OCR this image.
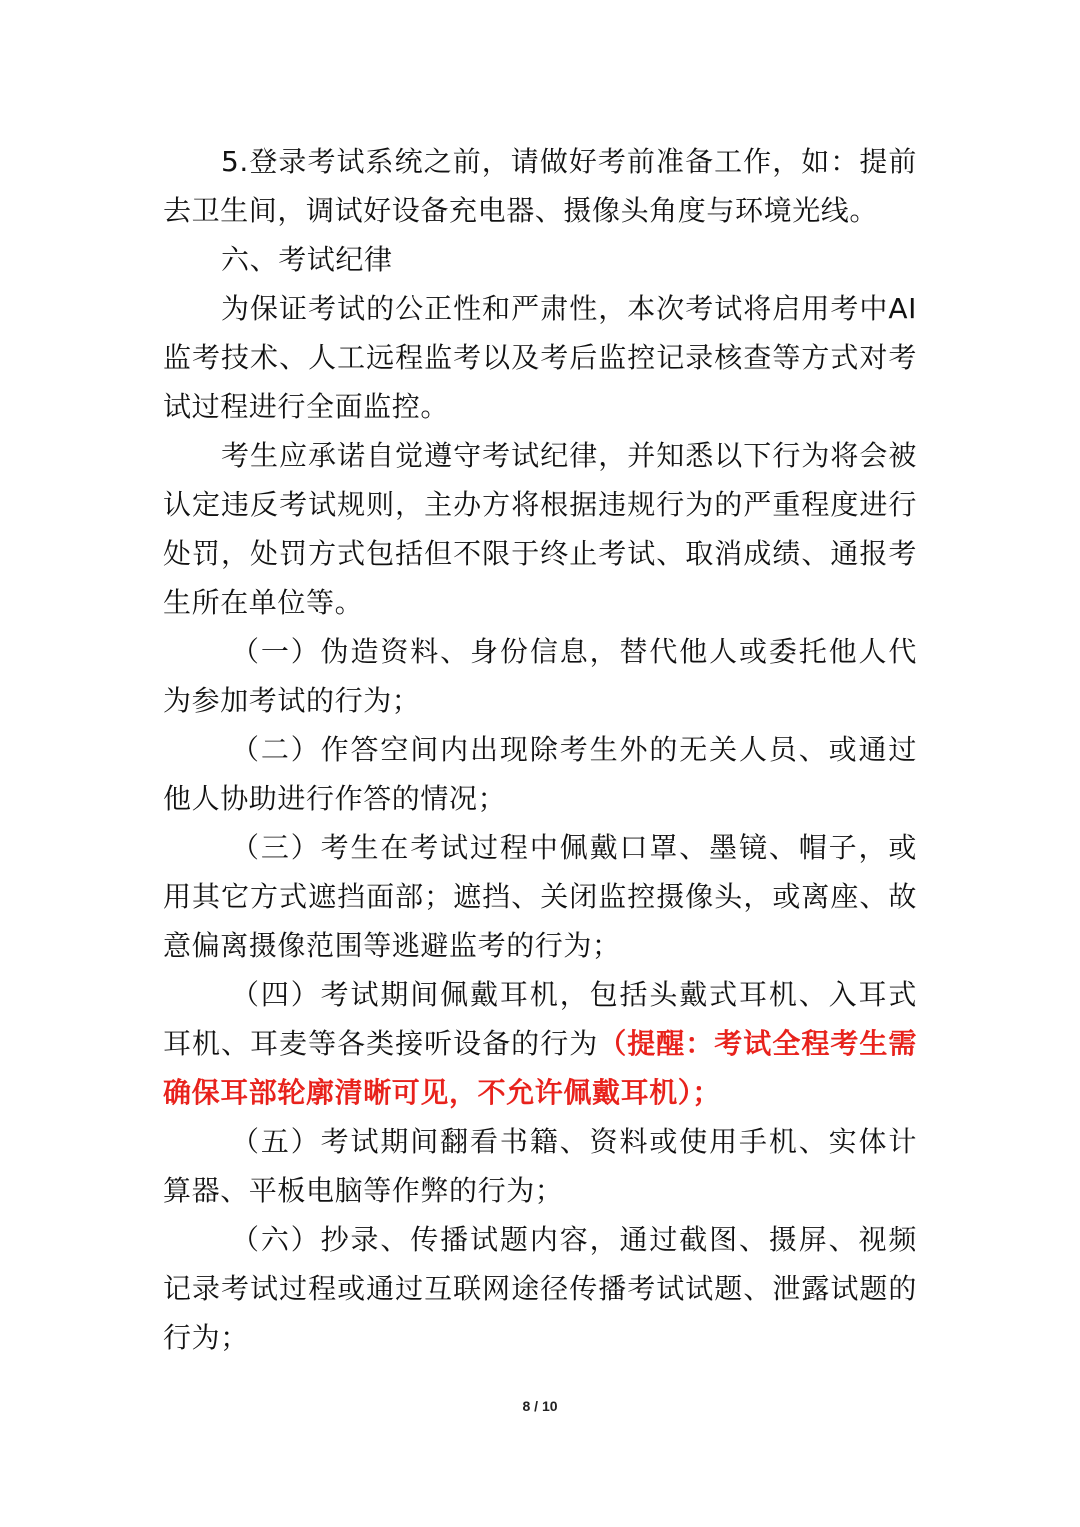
5.登录考试系统之前，请做好考前准备工作，如：提前去卫生间，调试好设备充电器、摄像头角度与环境光线。

六、考试纪律

为保证考试的公正性和严肃性，本次考试将启用考中AI 监考技术、人工远程监考以及考后监控记录核查等方式对考试过程进行全面监控。

考生应承诺自觉遵守考试纪律，并知悉以下行为将会被认定违反考试规则，主办方将根据违规行为的严重程度进行处罚，处罚方式包括但不限于终止考试、取消成绩、通报考生所在单位等。

（一）伪造资料、身份信息，替代他人或委托他人代为参加考试的行为；

（二）作答空间内出现除考生外的无关人员、或通过他人协助进行作答的情况；

（三）考生在考试过程中佩戴口罩、墨镜、帽子，或用其它方式遮挡面部；遮挡、关闭监控摄像头，或离座、故意偏离摄像范围等逃避监考的行为；

（四）考试期间佩戴耳机，包括头戴式耳机、入耳式耳机、耳麦等各类接听设备的行为（提醒：考试全程考生需确保耳部轮廓清晰可见，不允许佩戴耳机）；

（五）考试期间翻看书籍、资料或使用手机、实体计算器、平板电脑等作弊的行为；

（六）抄录、传播试题内容，通过截图、摄屏、视频记录考试过程或通过互联网途径传播考试试题、泄露试题的行为；

8 / 10
